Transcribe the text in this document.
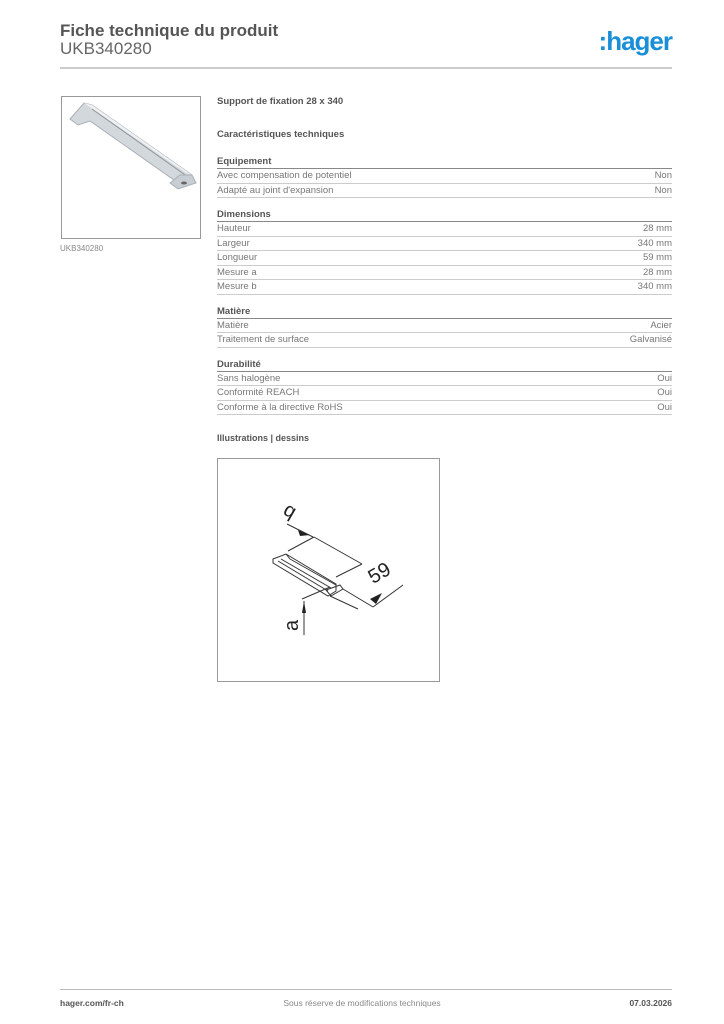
Fiche technique du produit
UKB340280	:hager
UKB340280
Support de fixation 28 x 340
Caractéristiques techniques
Equipement
Avec compensation de potentiel	Non
Adapté au joint d'expansion	Non
Dimensions
Hauteur	28 mm
Largeur	340 mm
Longueur	59 mm
Mesure a	28 mm
Mesure b	340 mm
Matière
Matière	Acier
Traitement de surface	Galvanisé
Durabilité
Sans halogène	Oui
Conformité REACH	Oui
Conforme à la directive RoHS	Oui
Illustrations | dessins
b
59
a
hager.com/fr-ch	Sous réserve de modifications techniques	07.03.2026
